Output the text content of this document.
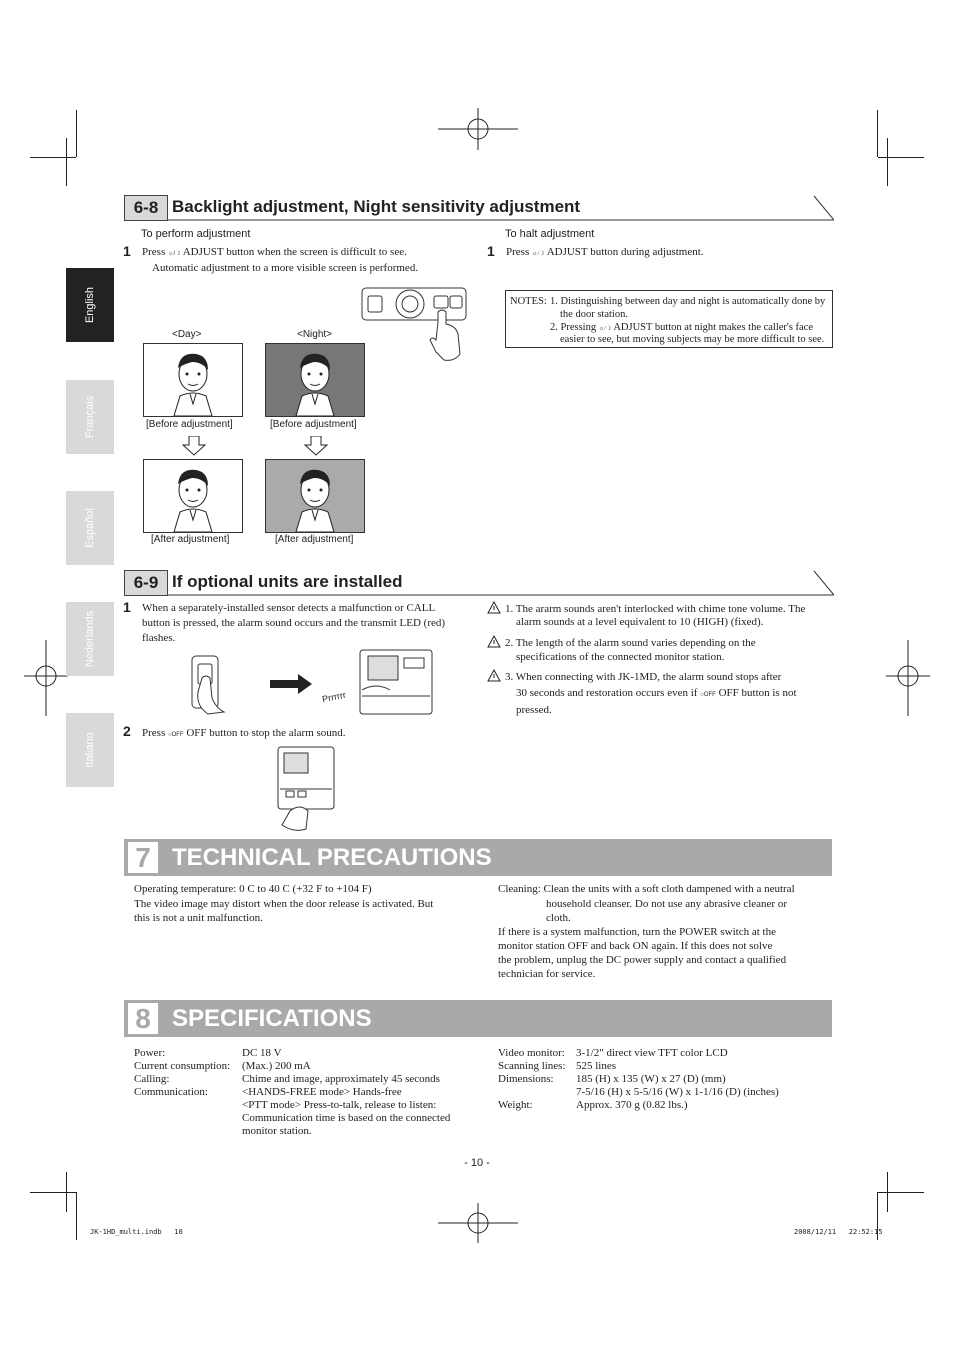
English
Français
Español
Nederlands
Italiano
6-8 Backlight adjustment, Night sensitivity adjustment
To perform adjustment
1 Press ☼/☽ ADJUST button when the screen is difficult to see.
Automatic adjustment to a more visible screen is performed.
To halt adjustment
1 Press ☼/☽ ADJUST button during adjustment.
NOTES: 1. Distinguishing between day and night is automatically done by
the door station.
2. Pressing ☼/☽ ADJUST button at night makes the caller's face
easier to see, but moving subjects may be more difficult to see.
<Day>	<Night>
[Before adjustment]	[Before adjustment]
[After adjustment]	[After adjustment]
6-9 If optional units are installed
1 When a separately-installed sensor detects a malfunction or CALL
button is pressed, the alarm sound occurs and the transmit LED (red)
flashes.
Prrrrrr
2 Press ○OFF OFF button to stop the alarm sound.
1. The ararm sounds aren't interlocked with chime tone volume. The
alarm sounds at a level equivalent to 10 (HIGH) (fixed).
2. The length of the alarm sound varies depending on the
specifications of the connected monitor station.
3. When connecting with JK-1MD, the alarm sound stops after
30 seconds and restoration occurs even if ○OFF OFF button is not
pressed.
7 TECHNICAL PRECAUTIONS
Operating temperature: 0 C to 40 C (+32 F to +104 F)
The video image may distort when the door release is activated. But
this is not a unit malfunction.
Cleaning: Clean the units with a soft cloth dampened with a neutral
household cleanser. Do not use any abrasive cleaner or
cloth.
If there is a system malfunction, turn the POWER switch at the
monitor station OFF and back ON again. If this does not solve
the problem, unplug the DC power supply and contact a qualified
technician for service.
8 SPECIFICATIONS
Power:	DC 18 V
Current consumption: (Max.) 200 mA
Calling:	Chime and image, approximately 45 seconds
Communication:	<HANDS-FREE mode> Hands-free
<PTT mode> Press-to-talk, release to listen:
Communication time is based on the connected
monitor station.
Video monitor: 3-1/2" direct view TFT color LCD
Scanning lines: 525 lines
Dimensions: 185 (H) x 135 (W) x 27 (D) (mm)
7-5/16 (H) x 5-5/16 (W) x 1-1/16 (D) (inches)
Weight:	Approx. 370 g (0.82 lbs.)
- 10 -
JK-1HD_multi.indb   10	2008/12/11   22:52:15
